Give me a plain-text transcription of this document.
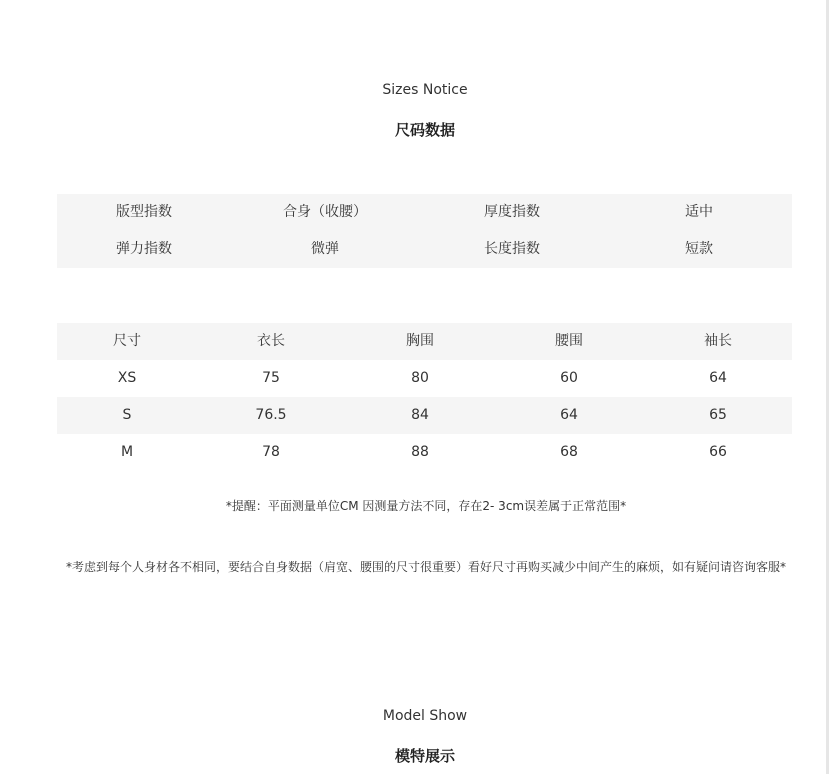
Sizes Notice
尺码数据
版型指数	合身（收腰）	厚度指数	适中
弹力指数	微弹	长度指数	短款
尺寸	衣长	胸围	腰围	袖长
XS	75	80	60	64
S	76.5	84	64	65
M	78	88	68	66
*提醒：平面测量单位CM 因测量方法不同，存在2- 3cm误差属于正常范围*
*考虑到每个人身材各不相同，要结合自身数据（肩宽、腰围的尺寸很重要）看好尺寸再购买减少中间产生的麻烦，如有疑问请咨询客服*
Model Show
模特展示
